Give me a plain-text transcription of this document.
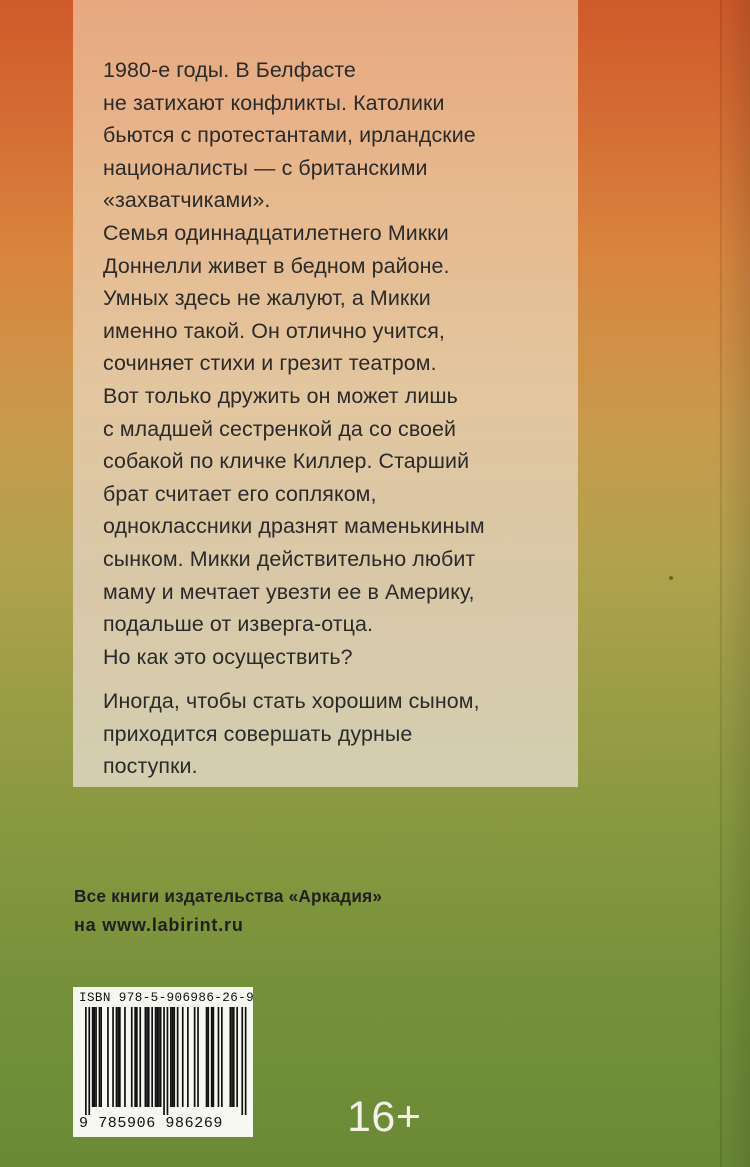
1980-е годы. В Белфасте
не затихают конфликты. Католики
бьются с протестантами, ирландские
националисты — с британскими
«захватчиками».
Семья одиннадцатилетнего Микки
Доннелли живет в бедном районе.
Умных здесь не жалуют, а Микки
именно такой. Он отлично учится,
сочиняет стихи и грезит театром.
Вот только дружить он может лишь
с младшей сестренкой да со своей
собакой по кличке Киллер. Старший
брат считает его сопляком,
одноклассники дразнят маменькиным
сынком. Микки действительно любит
маму и мечтает увезти ее в Америку,
подальше от изверга-отца.
Но как это осуществить?

Иногда, чтобы стать хорошим сыном,
приходится совершать дурные
поступки.

Все книги издательства «Аркадия»
на www.labirint.ru
ISBN 978-5-906986-26-9
9 785906 986269	16+
